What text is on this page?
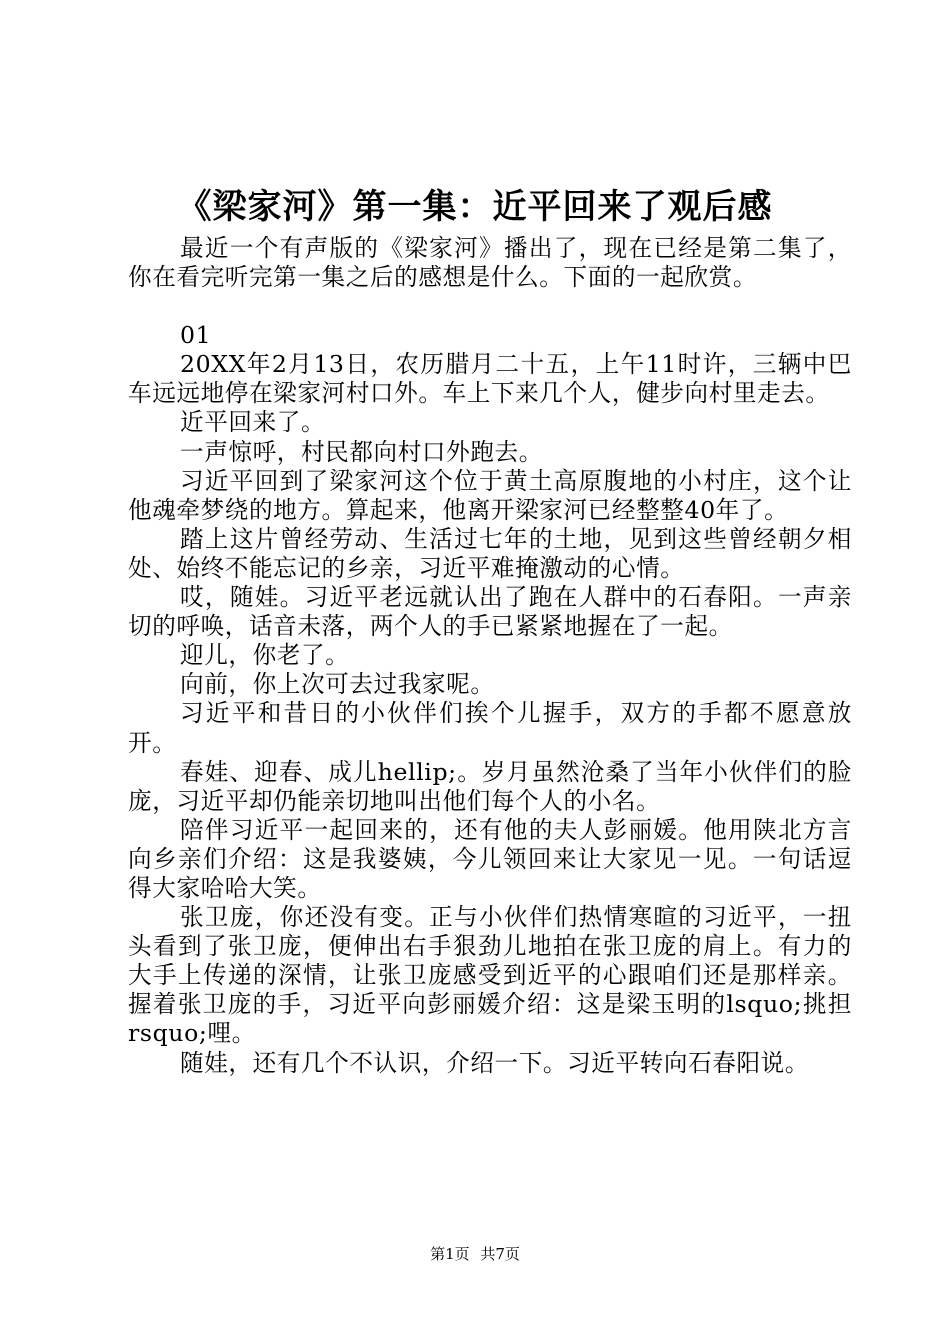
《梁家河》第一集：近平回来了观后感

最近一个有声版的《梁家河》播出了，现在已经是第二集了，你在看完听完第一集之后的感想是什么。下面的一起欣赏。

01

20XX年2月13日，农历腊月二十五，上午11时许，三辆中巴车远远地停在梁家河村口外。车上下来几个人，健步向村里走去。

近平回来了。

一声惊呼，村民都向村口外跑去。

习近平回到了梁家河这个位于黄土高原腹地的小村庄，这个让他魂牵梦绕的地方。算起来，他离开梁家河已经整整40年了。

踏上这片曾经劳动、生活过七年的土地，见到这些曾经朝夕相处、始终不能忘记的乡亲，习近平难掩激动的心情。

哎，随娃。习近平老远就认出了跑在人群中的石春阳。一声亲切的呼唤，话音未落，两个人的手已紧紧地握在了一起。

迎儿，你老了。

向前，你上次可去过我家呢。

习近平和昔日的小伙伴们挨个儿握手，双方的手都不愿意放开。

春娃、迎春、成儿hellip;。岁月虽然沧桑了当年小伙伴们的脸庞，习近平却仍能亲切地叫出他们每个人的小名。

陪伴习近平一起回来的，还有他的夫人彭丽媛。他用陕北方言向乡亲们介绍：这是我婆姨，今儿领回来让大家见一见。一句话逗得大家哈哈大笑。

张卫庞，你还没有变。正与小伙伴们热情寒暄的习近平，一扭头看到了张卫庞，便伸出右手狠劲儿地拍在张卫庞的肩上。有力的大手上传递的深情，让张卫庞感受到近平的心跟咱们还是那样亲。握着张卫庞的手，习近平向彭丽媛介绍：这是梁玉明的lsquo;挑担rsquo;哩。

随娃，还有几个不认识，介绍一下。习近平转向石春阳说。

第1页 共7页
